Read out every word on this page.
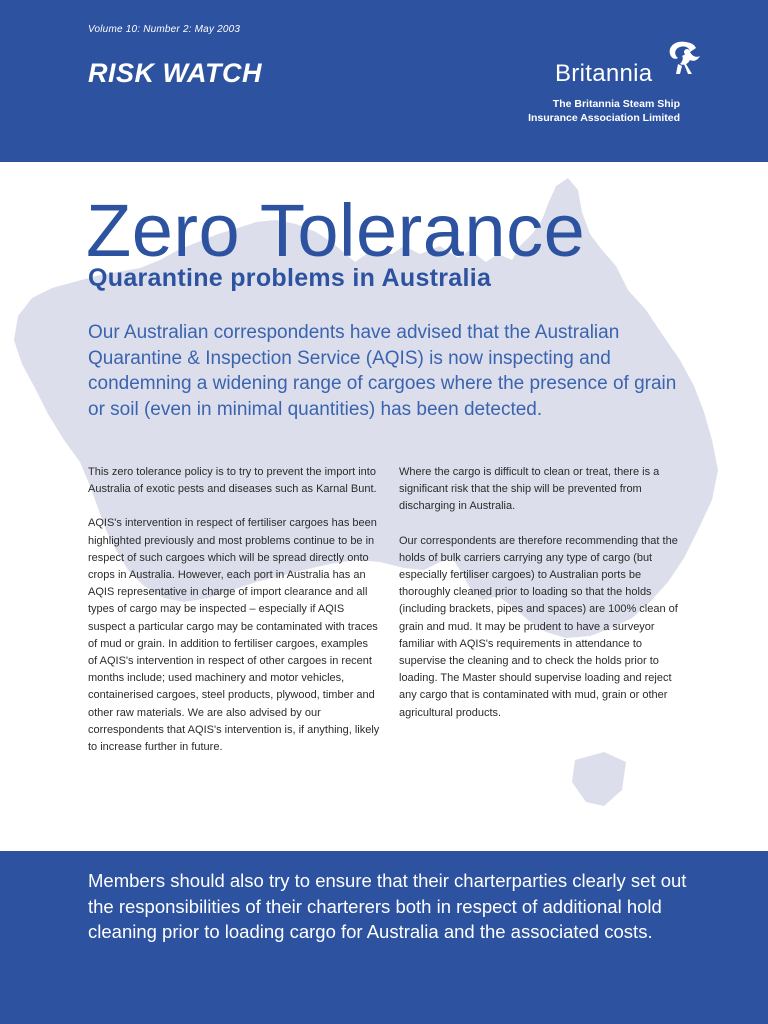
Volume 10: Number 2: May 2003
RISK WATCH	Britannia
The Britannia Steam Ship
Insurance Association Limited
Zero Tolerance
Quarantine problems in Australia

Our Australian correspondents have advised that the Australian Quarantine & Inspection Service (AQIS) is now inspecting and condemning a widening range of cargoes where the presence of grain or soil (even in minimal quantities) has been detected.

This zero tolerance policy is to try to prevent the import into Australia of exotic pests and diseases such as Karnal Bunt.

AQIS's intervention in respect of fertiliser cargoes has been highlighted previously and most problems continue to be in respect of such cargoes which will be spread directly onto crops in Australia. However, each port in Australia has an AQIS representative in charge of import clearance and all types of cargo may be inspected – especially if AQIS suspect a particular cargo may be contaminated with traces of mud or grain. In addition to fertiliser cargoes, examples of AQIS's intervention in respect of other cargoes in recent months include; used machinery and motor vehicles, containerised cargoes, steel products, plywood, timber and other raw materials. We are also advised by our correspondents that AQIS's intervention is, if anything, likely to increase further in future.

Where the cargo is difficult to clean or treat, there is a significant risk that the ship will be prevented from discharging in Australia.

Our correspondents are therefore recommending that the holds of bulk carriers carrying any type of cargo (but especially fertiliser cargoes) to Australian ports be thoroughly cleaned prior to loading so that the holds (including brackets, pipes and spaces) are 100% clean of grain and mud. It may be prudent to have a surveyor familiar with AQIS's requirements in attendance to supervise the cleaning and to check the holds prior to loading. The Master should supervise loading and reject any cargo that is contaminated with mud, grain or other agricultural products.

Members should also try to ensure that their charterparties clearly set out the responsibilities of their charterers both in respect of additional hold cleaning prior to loading cargo for Australia and the associated costs.
